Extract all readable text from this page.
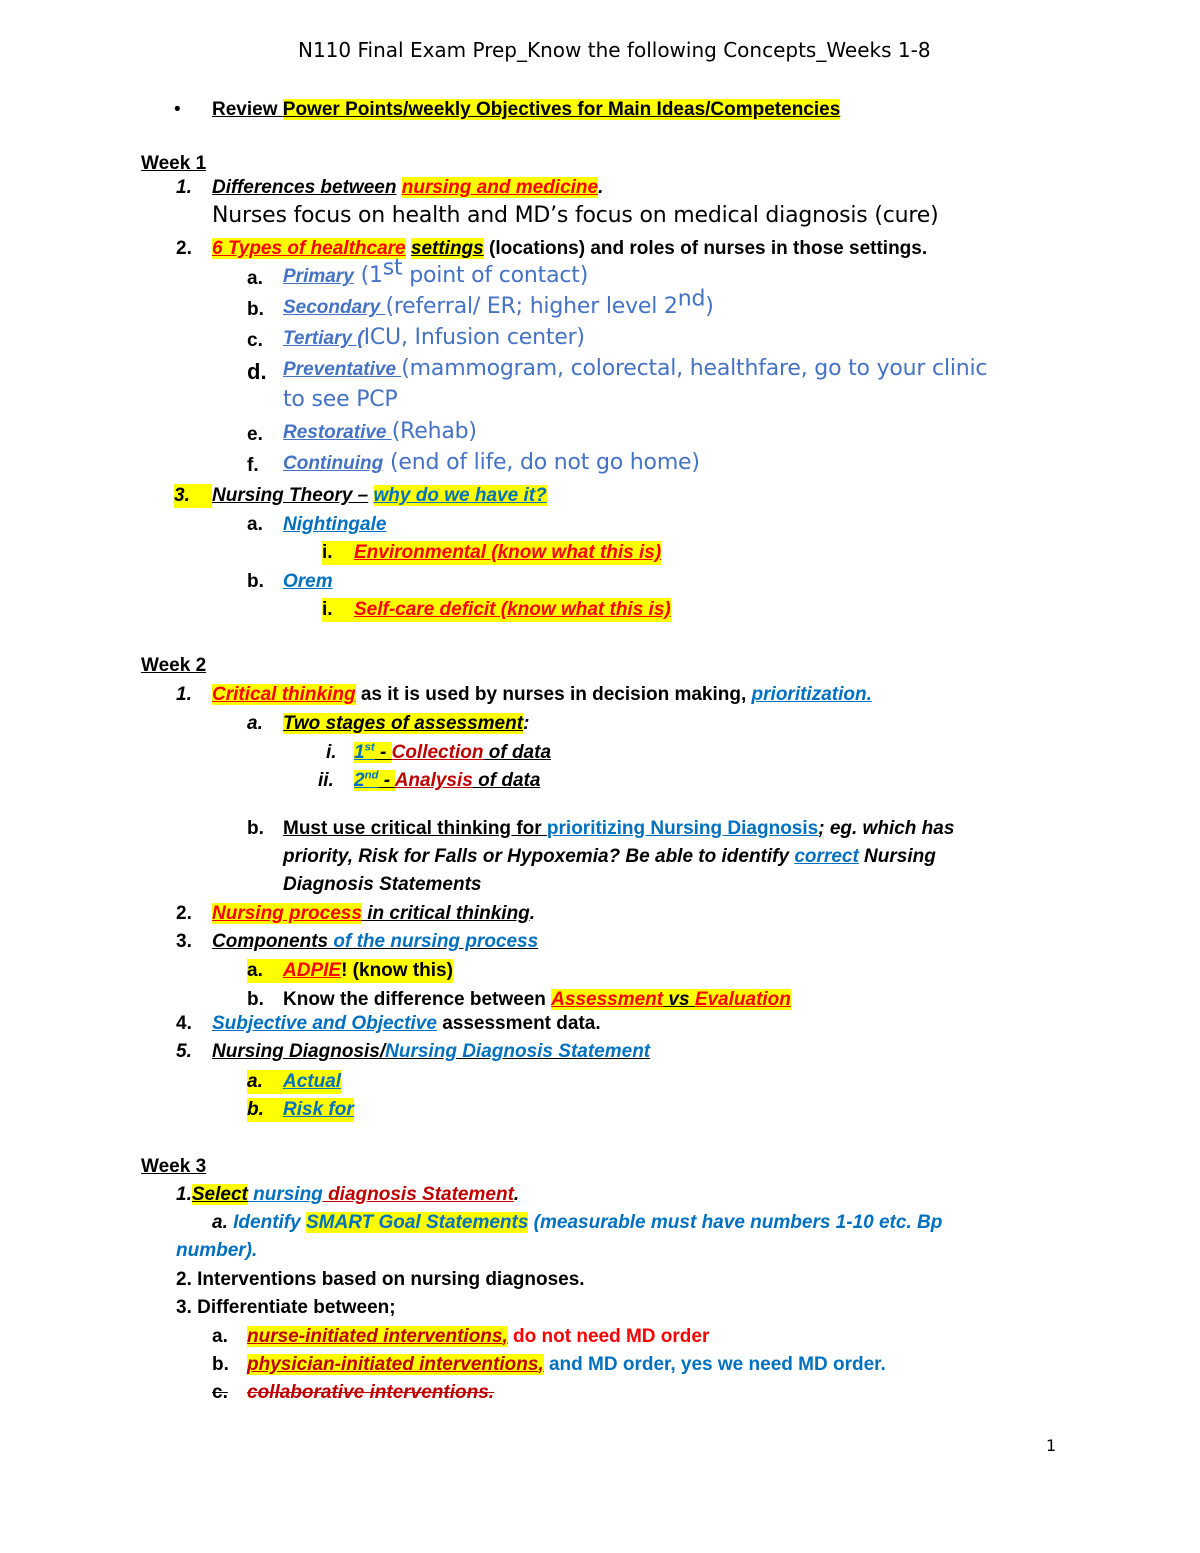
N110 Final Exam Prep_Know the following Concepts_Weeks 1-8
• Review Power Points/weekly Objectives for Main Ideas/Competencies
Week 1
1. Differences between nursing and medicine.
Nurses focus on health and MD’s focus on medical diagnosis (cure)
2. 6 Types of healthcare settings (locations) and roles of nurses in those settings.
a. Primary (1st point of contact)
b. Secondary (referral/ ER; higher level 2nd)
c. Tertiary (ICU, Infusion center)
d. Preventative (mammogram, colorectal, healthfare, go to your clinic
to see PCP
e. Restorative (Rehab)
f. Continuing (end of life, do not go home)
3.	Nursing Theory – why do we have it?
a. Nightingale
i.	Environmental (know what this is)
b. Orem
i.	Self-care deficit (know what this is)
Week 2
1. Critical thinking as it is used by nurses in decision making, prioritization.
a. Two stages of assessment:
i. 1st - Collection of data
ii. 2nd - Analysis of data
b. Must use critical thinking for prioritizing Nursing Diagnosis; eg. which has
priority, Risk for Falls or Hypoxemia? Be able to identify correct Nursing
Diagnosis Statements
2. Nursing process in critical thinking.
3. Components of the nursing process
a.	ADPIE! (know this)
b. Know the difference between Assessment vs Evaluation
4. Subjective and Objective assessment data.
5. Nursing Diagnosis/Nursing Diagnosis Statement
a.	Actual
b.	Risk for
Week 3
1.Select nursing diagnosis Statement.
a. Identify SMART Goal Statements (measurable must have numbers 1-10 etc. Bp
number).
2. Interventions based on nursing diagnoses.
3. Differentiate between;
a. nurse-initiated interventions, do not need MD order
b. physician-initiated interventions, and MD order, yes we need MD order.
c. collaborative interventions.
1
